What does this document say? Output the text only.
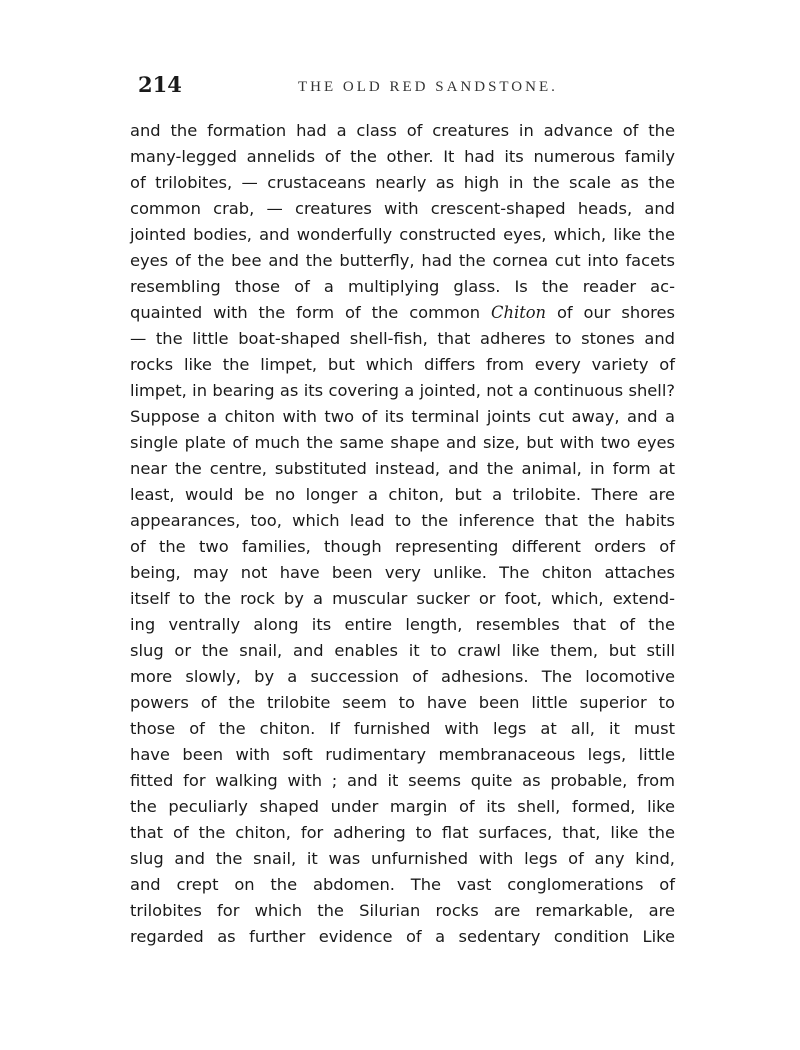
214	THE OLD RED SANDSTONE.
and the formation had a class of creatures in advance of the
many-legged annelids of the other. It had its numerous family
of trilobites, — crustaceans nearly as high in the scale as the
common crab, — creatures with crescent-shaped heads, and
jointed bodies, and wonderfully constructed eyes, which, like the
eyes of the bee and the butterfly, had the cornea cut into facets
resembling those of a multiplying glass. Is the reader ac-
quainted with the form of the common Chiton of our shores
— the little boat-shaped shell-fish, that adheres to stones and
rocks like the limpet, but which differs from every variety of
limpet, in bearing as its covering a jointed, not a continuous shell?
Suppose a chiton with two of its terminal joints cut away, and a
single plate of much the same shape and size, but with two eyes
near the centre, substituted instead, and the animal, in form at
least, would be no longer a chiton, but a trilobite. There are
appearances, too, which lead to the inference that the habits
of the two families, though representing different orders of
being, may not have been very unlike. The chiton attaches
itself to the rock by a muscular sucker or foot, which, extend-
ing ventrally along its entire length, resembles that of the
slug or the snail, and enables it to crawl like them, but still
more slowly, by a succession of adhesions. The locomotive
powers of the trilobite seem to have been little superior to
those of the chiton. If furnished with legs at all, it must
have been with soft rudimentary membranaceous legs, little
fitted for walking with ; and it seems quite as probable, from
the peculiarly shaped under margin of its shell, formed, like
that of the chiton, for adhering to flat surfaces, that, like the
slug and the snail, it was unfurnished with legs of any kind,
and crept on the abdomen. The vast conglomerations of
trilobites for which the Silurian rocks are remarkable, are
regarded as further evidence of a sedentary condition Like
